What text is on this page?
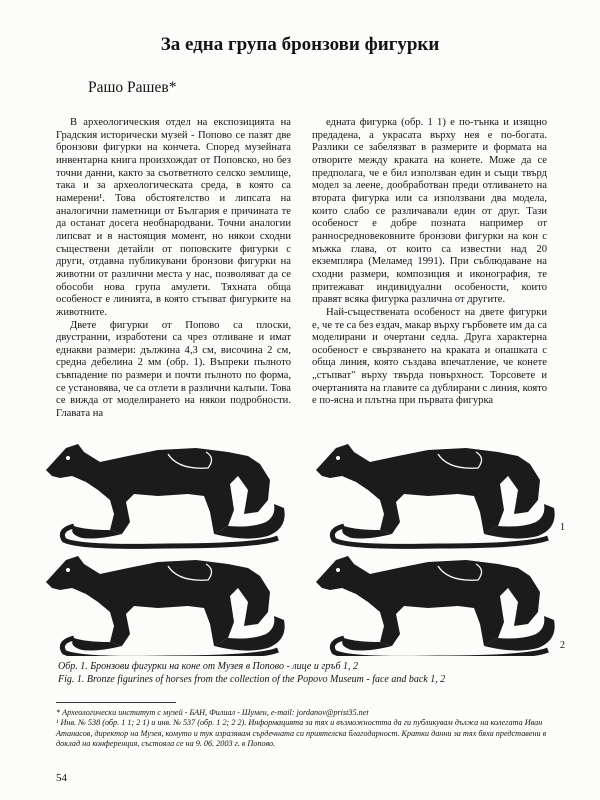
За една група бронзови фигурки
Рашо Рашев*

В археологическия отдел на експозицията на Градския исторически музей - Попово се пазят две бронзови фигурки на кончета. Според музейната инвентарна книга произхождат от Поповско, но без точни данни, както за съответното селско землище, така и за археологическата среда, в която са намерени¹. Това обстоятелство и липсата на аналогични паметници от България е причината те да останат досега необнародвани. Точни аналогии липсват и в настоящия момент, но някои сходни съществени детайли от поповските фигурки с други, отдавна публикувани бронзови фигурки на животни от различни места у нас, позволяват да се обособи нова група амулети. Тяхната обща особеност е линията, в която стъпват фигурките на животните.

Двете фигурки от Попово са плоски, двустранни, изработени са чрез отливане и имат еднакви размери: дължина 4,3 см, височина 2 см, средна дебелина 2 мм (обр. 1). Въпреки пълното съвпадение по размери и почти пълното по форма, се установява, че са отлети в различни калъпи. Това се вижда от моделирането на някои подробности. Главата на

едната фигурка (обр. 1 1) е по-тънка и изящно предадена, а украсата върху нея е по-богата. Разлики се забелязват в размерите и формата на отворите между краката на конете. Може да се предполага, че е бил използван един и същи твърд модел за леене, дообработван преди отливането на втората фигурка или са използвани два модела, които слабо се различавали един от друг. Тази особеност е добре позната например от ранносредновековните бронзови фигурки на кон с мъжка глава, от които са известни над 20 екземпляра (Меламед 1991). При съблюдаване на сходни размери, композиция и иконография, те притежават индивидуални особености, които правят всяка фигурка различна от другите.

Най-съществената особеност на двете фигурки е, че те са без ездач, макар върху гърбовете им да са моделирани и очертани седла. Друга характерна особеност е свързването на краката и опашката с обща линия, която създава впечатление, че конете „стъпват" върху твърда повърхност. Торсовете и очертанията на главите са дублирани с линия, която е по-ясна и плътна при първата фигурка

1
2
Обр. 1. Бронзови фигурки на коне от Музея в Попово - лице и гръб 1, 2
Fig. 1. Bronze figurines of horses from the collection of the Popovo Museum - face and back 1, 2

* Археологически институт с музей - БАН, Филиал - Шумен, e-mail: jordanov@prist35.net

¹ Инв. № 538 (обр. 1 1; 2 1) и инв. № 537 (обр. 1 2; 2 2). Информацията за тях и възможността да ги публикувам дължа на колегата Иван Атанасов, директор на Музея, комуто и тук изразявам сърдечната си приятелска благодарност. Кратки данни за тях бяха представени в доклад на конференция, състояла се на 9. 06. 2003 г. в Попово.

54
